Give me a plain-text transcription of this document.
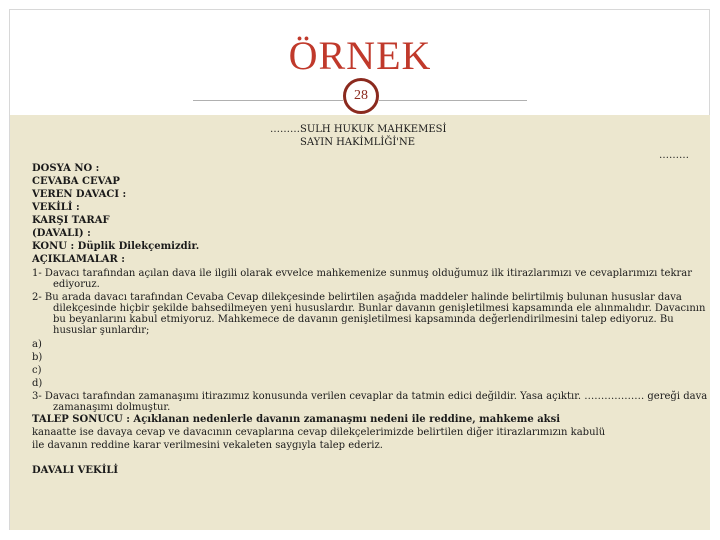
ÖRNEK
28
………SULH HUKUK MAHKEMESİ
SAYIN HAKİMLİĞİ'NE
………
DOSYA NO :
CEVABA CEVAP
VEREN DAVACI :
VEKİLİ :
KARŞI TARAF
(DAVALI) :
KONU : Düplik Dilekçemizdir.
AÇIKLAMALAR :
1- Davacı tarafından açılan dava ile ilgili olarak evvelce mahkemenize sunmuş olduğumuz ilk itirazlarımızı ve cevaplarımızı tekrar
ediyoruz.
2- Bu arada davacı tarafından Cevaba Cevap dilekçesinde belirtilen aşağıda maddeler halinde belirtilmiş bulunan hususlar dava
dilekçesinde hiçbir şekilde bahsedilmeyen yeni hususlardır. Bunlar davanın genişletilmesi kapsamında ele alınmalıdır. Davacının
bu beyanlarını kabul etmiyoruz. Mahkemece de davanın genişletilmesi kapsamında değerlendirilmesini talep ediyoruz. Bu
hususlar şunlardır;
a)
b)
c)
d)
3- Davacı tarafından zamanaşımı itirazımız konusunda verilen cevaplar da tatmin edici değildir. Yasa açıktır. ……………… gereği dava
zamanaşımı dolmuştur.
TALEP SONUCU : Açıklanan nedenlerle davanın zamanaşmı nedeni ile reddine, mahkeme aksi
kanaatte ise davaya cevap ve davacının cevaplarına cevap dilekçelerimizde belirtilen diğer itirazlarımızın kabulü
ile davanın reddine karar verilmesini vekaleten saygıyla talep ederiz.
DAVALI VEKİLİ
